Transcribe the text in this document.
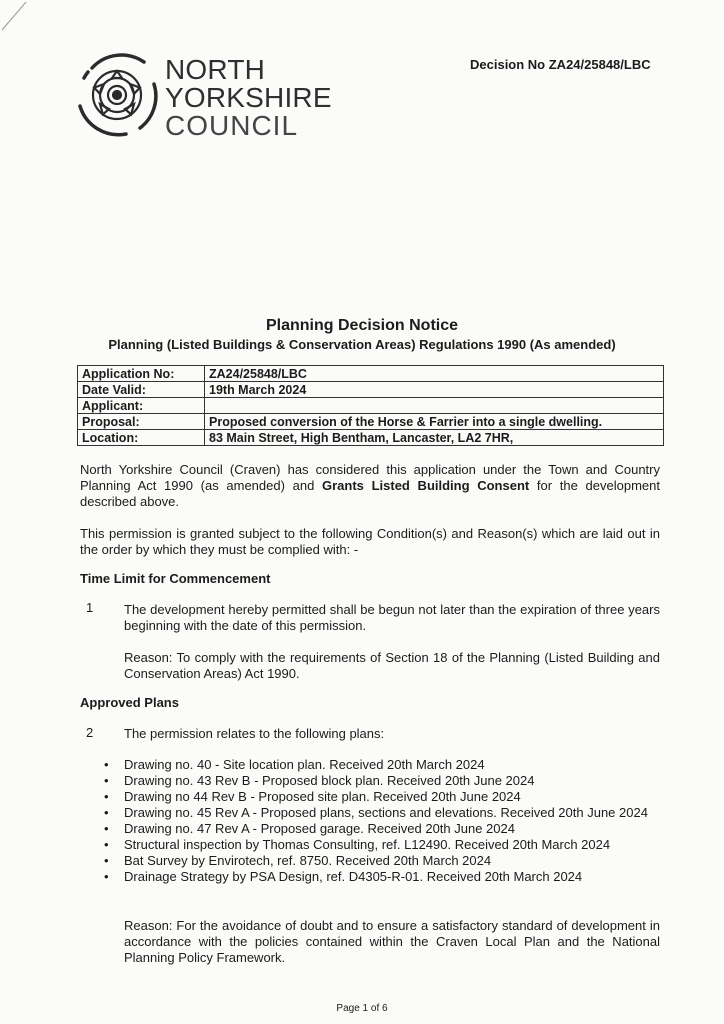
NORTH
YORKSHIRE
COUNCIL
Decision No ZA24/25848/LBC
Planning Decision Notice
Planning (Listed Buildings & Conservation Areas) Regulations 1990 (As amended)
Application No:	ZA24/25848/LBC
Date Valid:	19th March 2024
Applicant:	
Proposal:	Proposed conversion of the Horse & Farrier into a single dwelling.
Location:	83 Main Street, High Bentham, Lancaster, LA2 7HR,
North Yorkshire Council (Craven) has considered this application under the Town and Country Planning Act 1990 (as amended) and Grants Listed Building Consent for the development described above.
This permission is granted subject to the following Condition(s) and Reason(s) which are laid out in the order by which they must be complied with: -
Time Limit for Commencement
1 The development hereby permitted shall be begun not later than the expiration of three years beginning with the date of this permission.
Reason: To comply with the requirements of Section 18 of the Planning (Listed Building and Conservation Areas) Act 1990.
Approved Plans
2 The permission relates to the following plans:
• Drawing no. 40 - Site location plan. Received 20th March 2024
• Drawing no. 43 Rev B - Proposed block plan. Received 20th June 2024
• Drawing no 44 Rev B - Proposed site plan. Received 20th June 2024
• Drawing no. 45 Rev A - Proposed plans, sections and elevations. Received 20th June 2024
• Drawing no. 47 Rev A - Proposed garage. Received 20th June 2024
• Structural inspection by Thomas Consulting, ref. L12490. Received 20th March 2024
• Bat Survey by Envirotech, ref. 8750. Received 20th March 2024
• Drainage Strategy by PSA Design, ref. D4305-R-01. Received 20th March 2024
Reason: For the avoidance of doubt and to ensure a satisfactory standard of development in accordance with the policies contained within the Craven Local Plan and the National Planning Policy Framework.
Page 1 of 6
